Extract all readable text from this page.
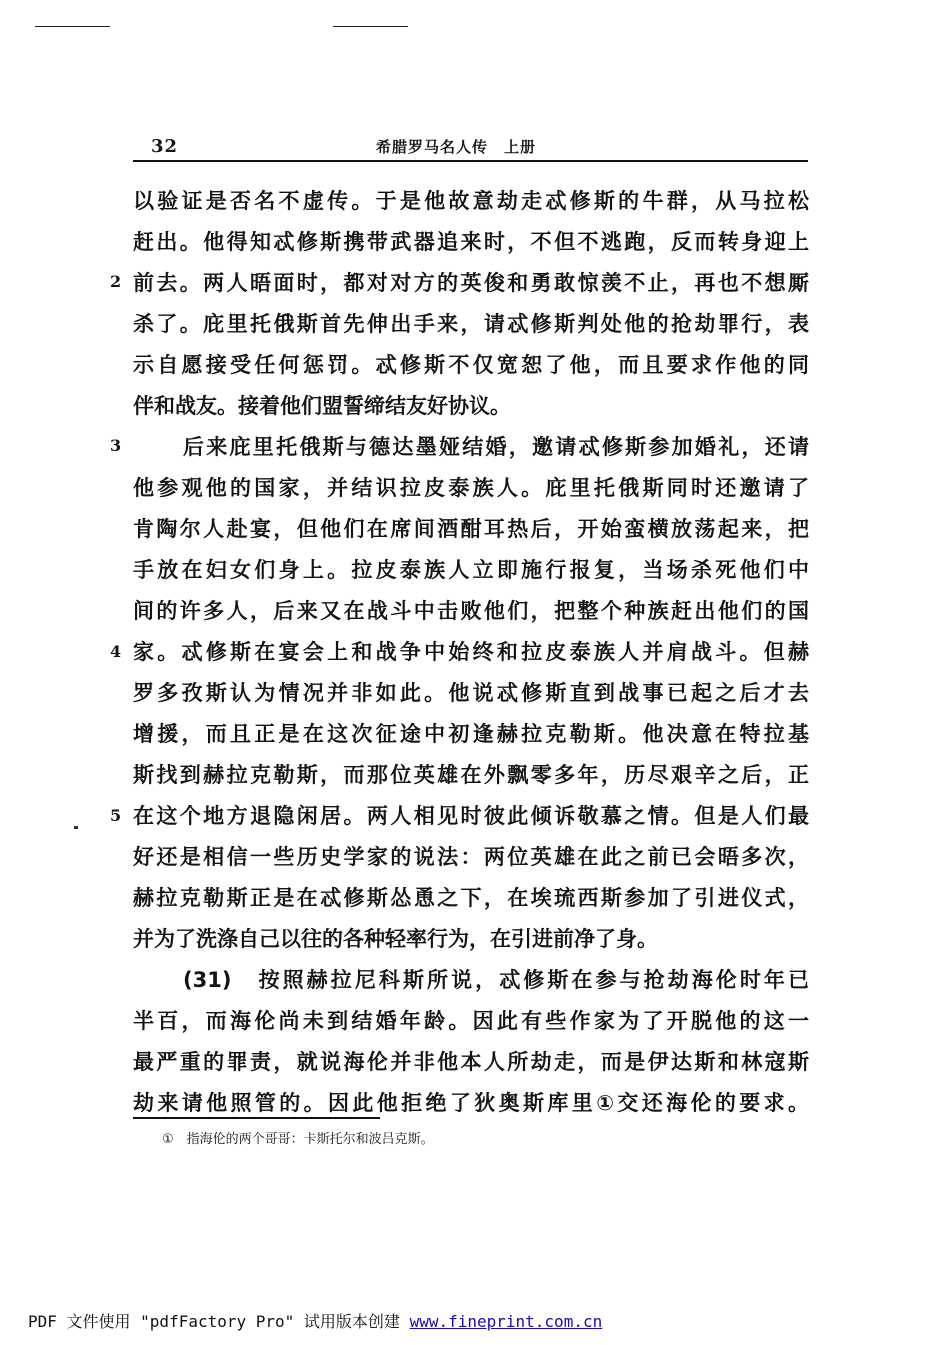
32	希腊罗马名人传　上册
2
3
4
5
以验证是否名不虚传。于是他故意劫走忒修斯的牛群，从马拉松
赶出。他得知忒修斯携带武器追来时，不但不逃跑，反而转身迎上
前去。两人晤面时，都对对方的英俊和勇敢惊羡不止，再也不想厮
杀了。庇里托俄斯首先伸出手来，请忒修斯判处他的抢劫罪行，表
示自愿接受任何惩罚。忒修斯不仅宽恕了他，而且要求作他的同
伴和战友。接着他们盟誓缔结友好协议。
后来庇里托俄斯与德达墨娅结婚，邀请忒修斯参加婚礼，还请
他参观他的国家，并结识拉皮泰族人。庇里托俄斯同时还邀请了
肯陶尔人赴宴，但他们在席间酒酣耳热后，开始蛮横放荡起来，把
手放在妇女们身上。拉皮泰族人立即施行报复，当场杀死他们中
间的许多人，后来又在战斗中击败他们，把整个种族赶出他们的国
家。忒修斯在宴会上和战争中始终和拉皮泰族人并肩战斗。但赫
罗多孜斯认为情况并非如此。他说忒修斯直到战事已起之后才去
增援，而且正是在这次征途中初逢赫拉克勒斯。他决意在特拉基
斯找到赫拉克勒斯，而那位英雄在外飘零多年，历尽艰辛之后，正
在这个地方退隐闲居。两人相见时彼此倾诉敬慕之情。但是人们最
好还是相信一些历史学家的说法：两位英雄在此之前已会晤多次，
赫拉克勒斯正是在忒修斯怂恿之下，在埃琉西斯参加了引进仪式，
并为了洗涤自己以往的各种轻率行为，在引进前净了身。
(31)　按照赫拉尼科斯所说，忒修斯在参与抢劫海伦时年已
半百，而海伦尚未到结婚年龄。因此有些作家为了开脱他的这一
最严重的罪责，就说海伦并非他本人所劫走，而是伊达斯和林寇斯
劫来请他照管的。因此他拒绝了狄奥斯库里①交还海伦的要求。
①　指海伦的两个哥哥：卡斯托尔和波吕克斯。
PDF 文件使用 "pdfFactory Pro" 试用版本创建 www.fineprint.com.cn
